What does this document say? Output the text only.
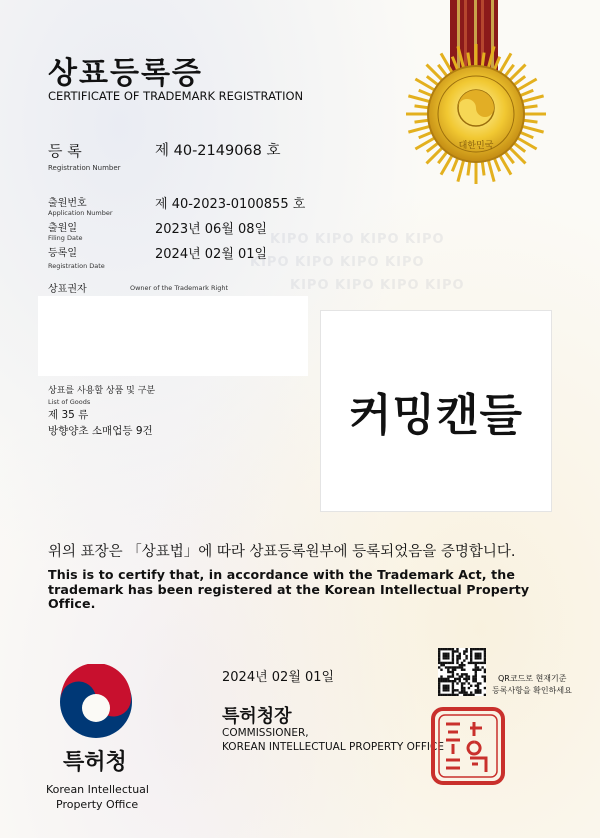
KIPO KIPO KIPO KIPO
KIPO KIPO KIPO KIPO
KIPO KIPO KIPO KIPO
대한민국
상표등록증
CERTIFICATE OF TRADEMARK REGISTRATION
등 록
Registration Number
제 40-2149068 호
출원번호
Application Number
제 40-2023-0100855 호
출원일
Filing Date
2023년 06월 08일
등록일
Registration Date
2024년 02월 01일
상표권자	Owner of the Trademark Right
상표를 사용할 상품 및 구분
List of Goods
제 35 류
방향양초 소매업등 9건	커밍캔들
위의 표장은 「상표법」에 따라 상표등록원부에 등록되었음을 증명합니다.
This is to certify that, in accordance with the Trademark Act, the trademark has been registered at the Korean Intellectual Property Office.
특허청
Korean Intellectual
Property Office
2024년 02월 01일	QR코드로 현재기준
등록사항을 확인하세요
특허청장
COMMISSIONER,
KOREAN INTELLECTUAL PROPERTY OFFICE
